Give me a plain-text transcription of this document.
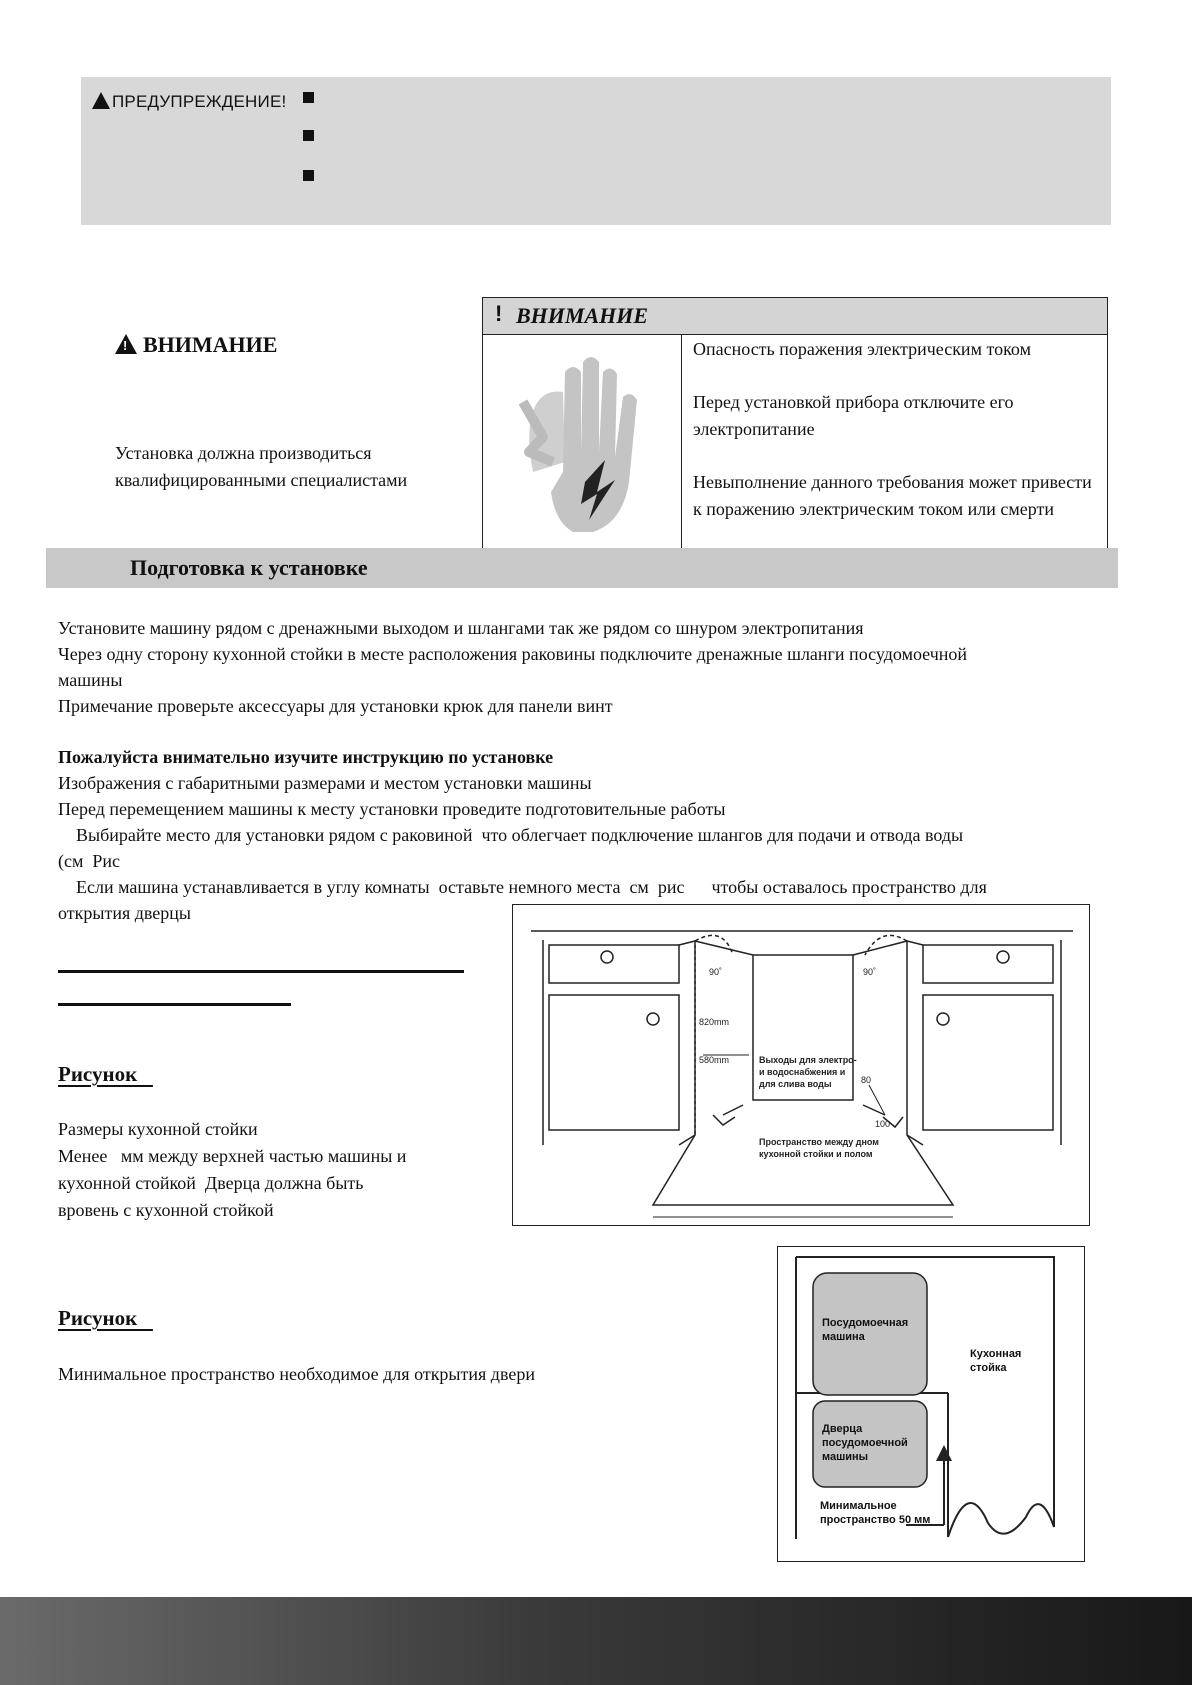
ПРЕДУПРЕЖДЕНИЕ!
!ВНИМАНИЕ
Установка должна производиться
квалифицированными специалистами
! ВНИМАНИЕ

Опасность поражения электрическим током

Перед установкой прибора отключите его электропитание

Невыполнение данного требования может привести к поражению электрическим током или смерти

Подготовка к установке
Установите машину рядом с дренажными выходом и шлангами так же рядом со шнуром электропитания
Через одну сторону кухонной стойки в месте расположения раковины подключите дренажные шланги посудомоечной
машины
Примечание проверьте аксессуары для установки крюк для панели винт
Пожалуйста внимательно изучите инструкцию по установке
Изображения с габаритными размерами и местом установки машины
Перед перемещением машины к месту установки проведите подготовительные работы
Выбирайте место для установки рядом с раковиной  что облегчает подключение шлангов для подачи и отвода воды
(см  Рис
Если машина устанавливается в углу комнаты  оставьте немного места  см  рис      чтобы оставалось пространство для
открытия дверцы
Рисунок
Размеры кухонной стойки
Менее   мм между верхней частью машины и
кухонной стойкой  Дверца должна быть
вровень с кухонной стойкой
90˚	90˚
820mm
580mm
80
100
Выходы для электро-
и водоснабжения и
для слива воды
Пространство между дном
кухонной стойки и полом
Рисунок
Минимальное пространство необходимое для открытия двери
Посудомоечная
машина
Кухонная
стойка
Дверца
посудомоечной
машины
Минимальное
пространство 50 мм
